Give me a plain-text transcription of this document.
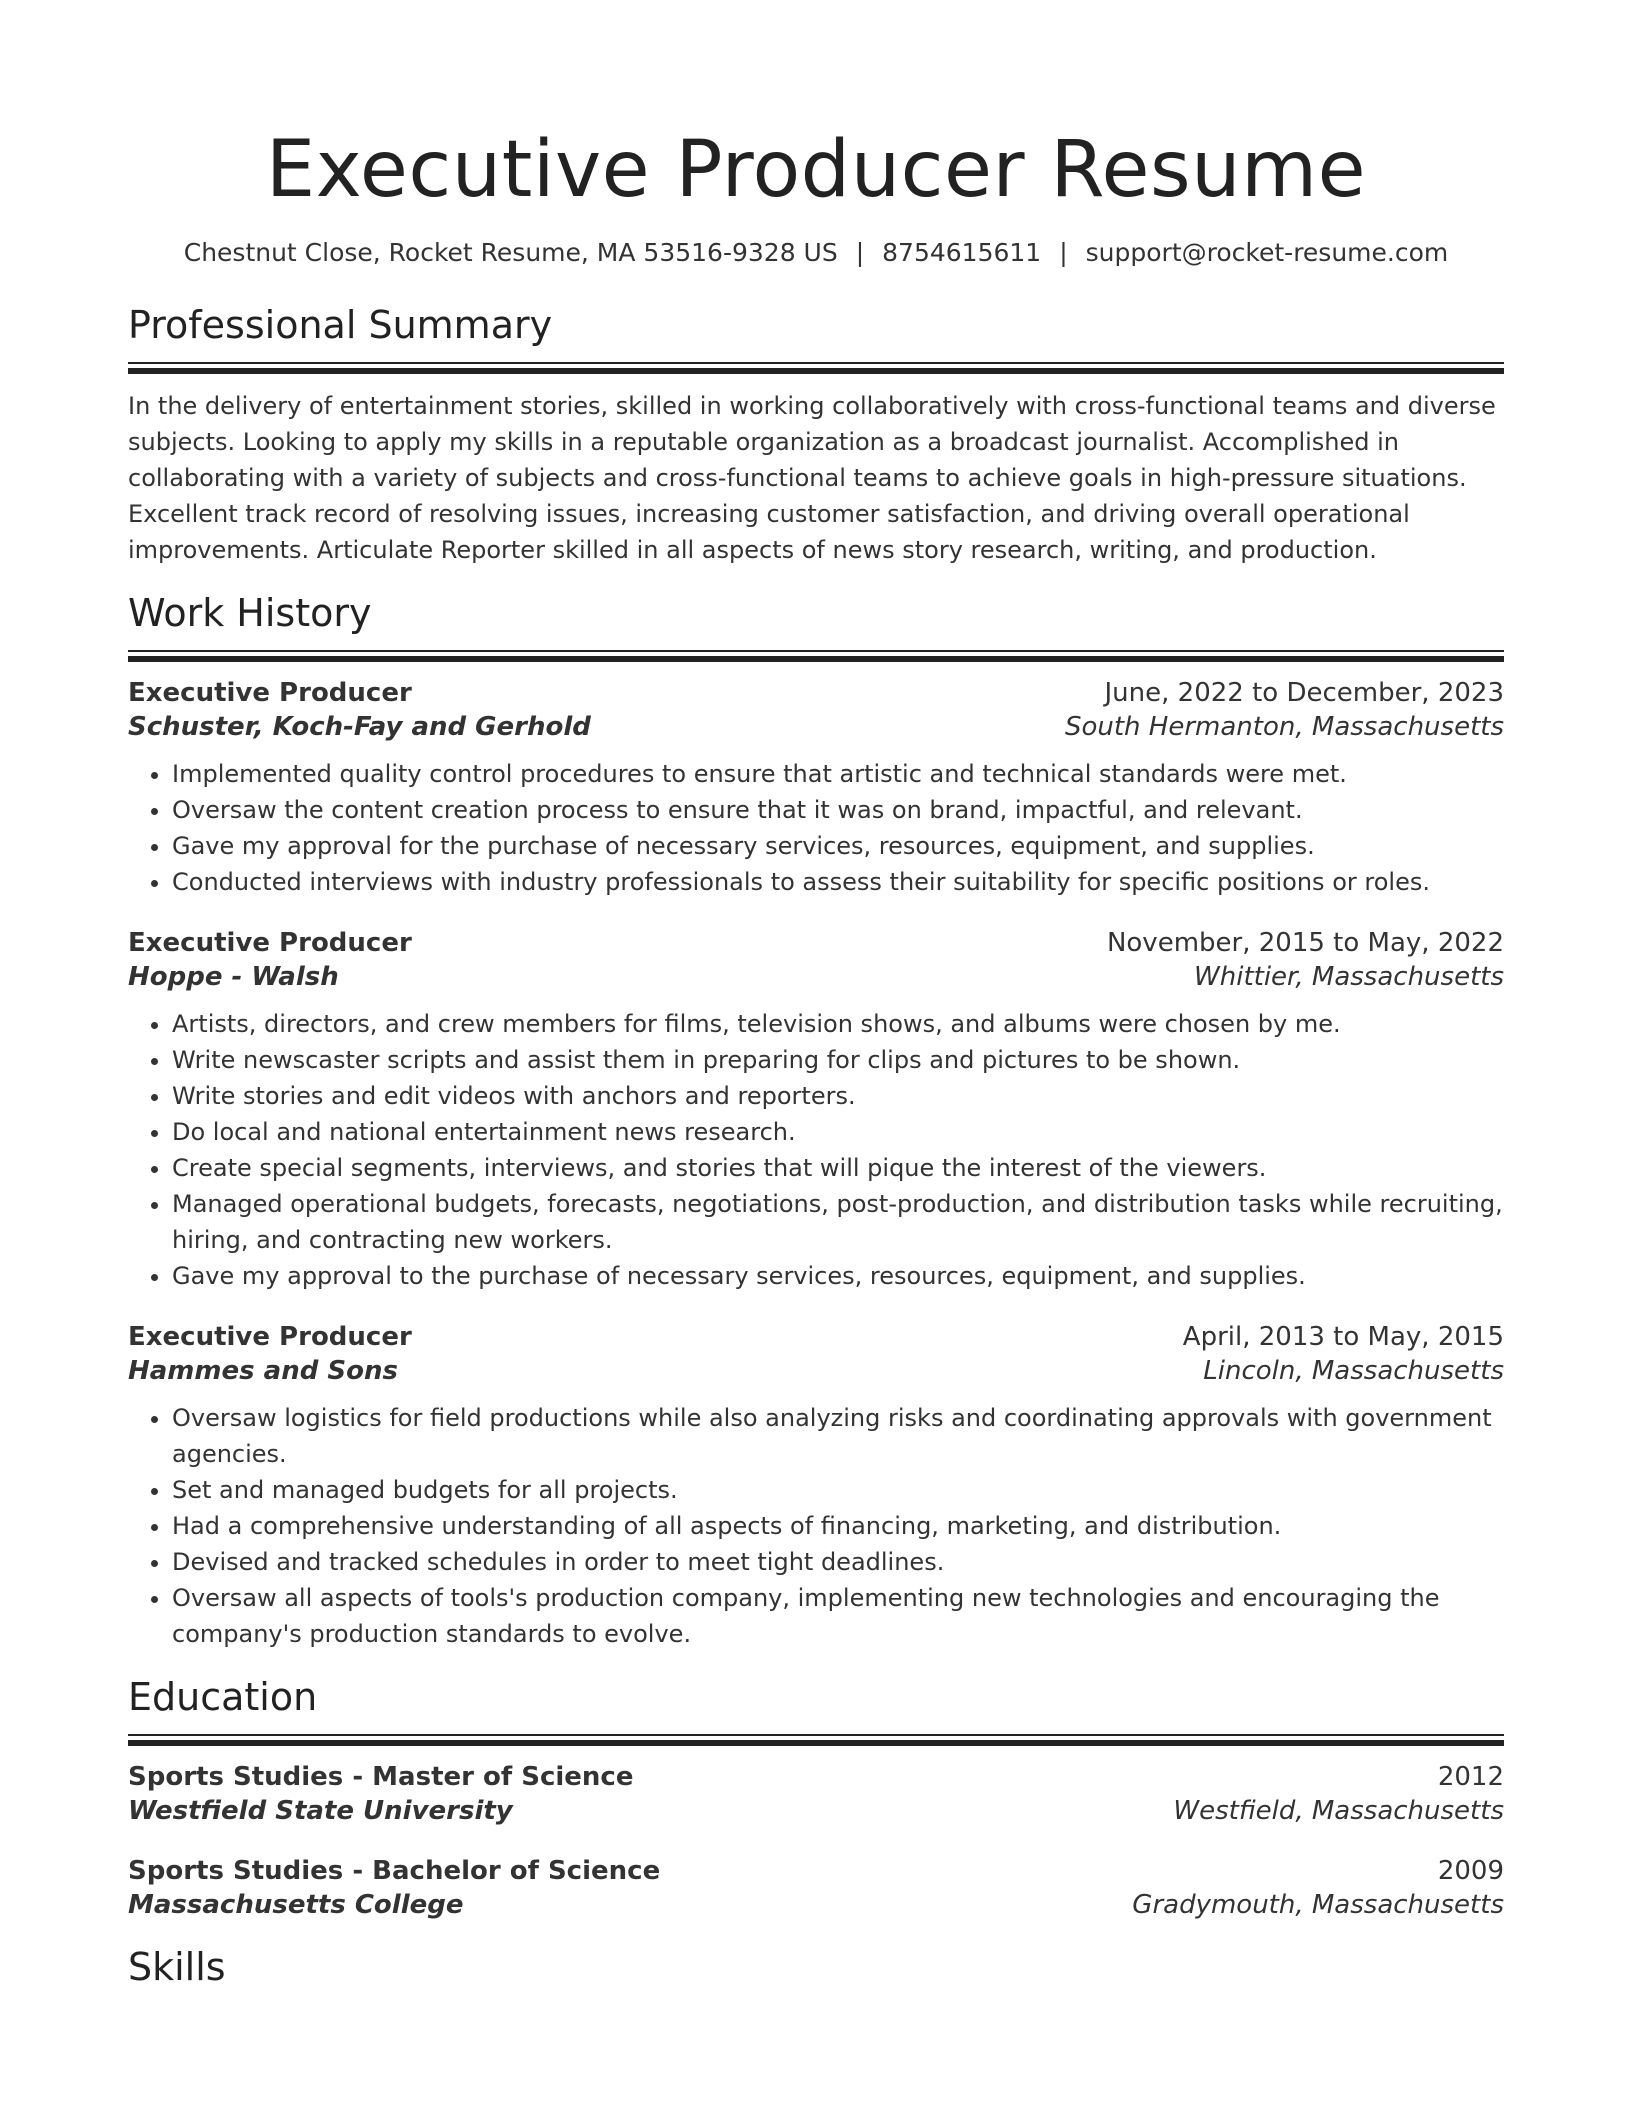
Executive Producer Resume
Chestnut Close, Rocket Resume, MA 53516-9328 US | 8754615611 | support@rocket-resume.com
Professional Summary

In the delivery of entertainment stories, skilled in working collaboratively with cross-functional teams and diverse subjects. Looking to apply my skills in a reputable organization as a broadcast journalist. Accomplished in collaborating with a variety of subjects and cross-functional teams to achieve goals in high-pressure situations. Excellent track record of resolving issues, increasing customer satisfaction, and driving overall operational improvements. Articulate Reporter skilled in all aspects of news story research, writing, and production.

Work History
Executive Producer	June, 2022 to December, 2023
Schuster, Koch-Fay and Gerhold	South Hermanton, Massachusetts
• Implemented quality control procedures to ensure that artistic and technical standards were met.
• Oversaw the content creation process to ensure that it was on brand, impactful, and relevant.
• Gave my approval for the purchase of necessary services, resources, equipment, and supplies.
• Conducted interviews with industry professionals to assess their suitability for specific positions or roles.
Executive Producer	November, 2015 to May, 2022
Hoppe - Walsh	Whittier, Massachusetts
• Artists, directors, and crew members for films, television shows, and albums were chosen by me.
• Write newscaster scripts and assist them in preparing for clips and pictures to be shown.
• Write stories and edit videos with anchors and reporters.
• Do local and national entertainment news research.
• Create special segments, interviews, and stories that will pique the interest of the viewers.
• Managed operational budgets, forecasts, negotiations, post-production, and distribution tasks while recruiting, hiring, and contracting new workers.
• Gave my approval to the purchase of necessary services, resources, equipment, and supplies.
Executive Producer	April, 2013 to May, 2015
Hammes and Sons	Lincoln, Massachusetts
• Oversaw logistics for field productions while also analyzing risks and coordinating approvals with government agencies.
• Set and managed budgets for all projects.
• Had a comprehensive understanding of all aspects of financing, marketing, and distribution.
• Devised and tracked schedules in order to meet tight deadlines.
• Oversaw all aspects of tools's production company, implementing new technologies and encouraging the company's production standards to evolve.
Education
Sports Studies - Master of Science	2012
Westfield State University	Westfield, Massachusetts
Sports Studies - Bachelor of Science	2009
Massachusetts College	Gradymouth, Massachusetts
Skills
